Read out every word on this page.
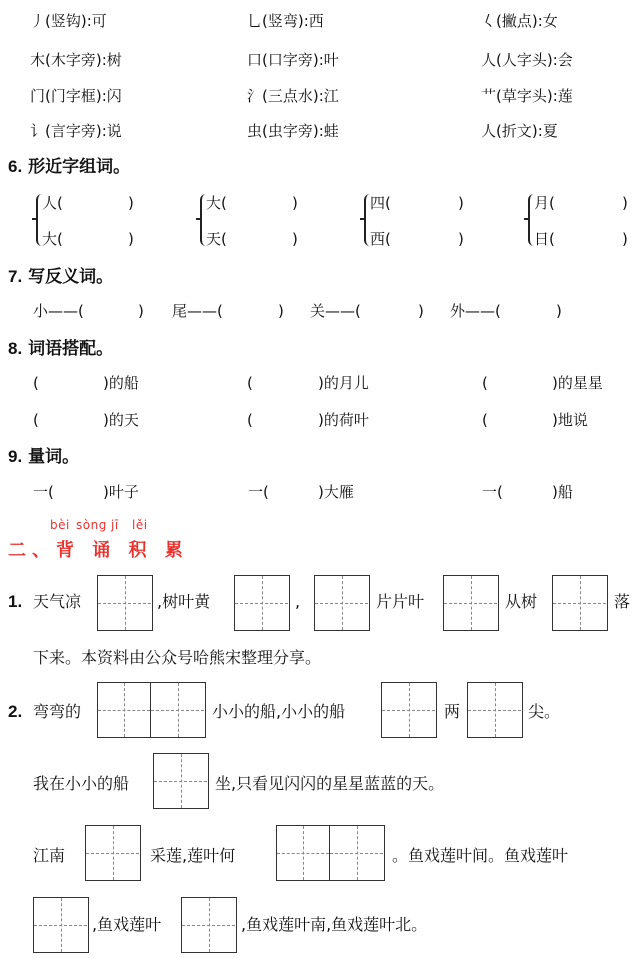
丿(竖钩):可	乚(竖弯):西	𡿨(撇点):女
木(木字旁):树	口(口字旁):叶	人(人字头):会
门(门字框):闪	氵(三点水):江	艹(草字头):莲
讠(言字旁):说	虫(虫字旁):蛙	人(折文):夏
6. 形近字组词。
人(	)
大(	)
大(	)
天(	)
四(	)
西(	)
月(	)
日(	)
7. 写反义词。
小——(	) 尾——(	) 关——(	) 外——(	)
8. 词语搭配。
(	)的船	(	)的月儿	(	)的星星
(	)的天	(	)的荷叶	(	)地说
9. 量词。
一(	)叶子	一(	)大雁	一(	)船
bèi sòng jī lěi
二、背 诵 积 累
1. 天气凉	,树叶黄	,	片片叶	从树	落
下来。本资料由公众号哈熊宋整理分享。
2. 弯弯的	小小的船,小小的船	两	尖。
我在小小的船	坐,只看见闪闪的星星蓝蓝的天。
江南	采莲,莲叶何	。鱼戏莲叶间。鱼戏莲叶
,鱼戏莲叶	,鱼戏莲叶南,鱼戏莲叶北。
